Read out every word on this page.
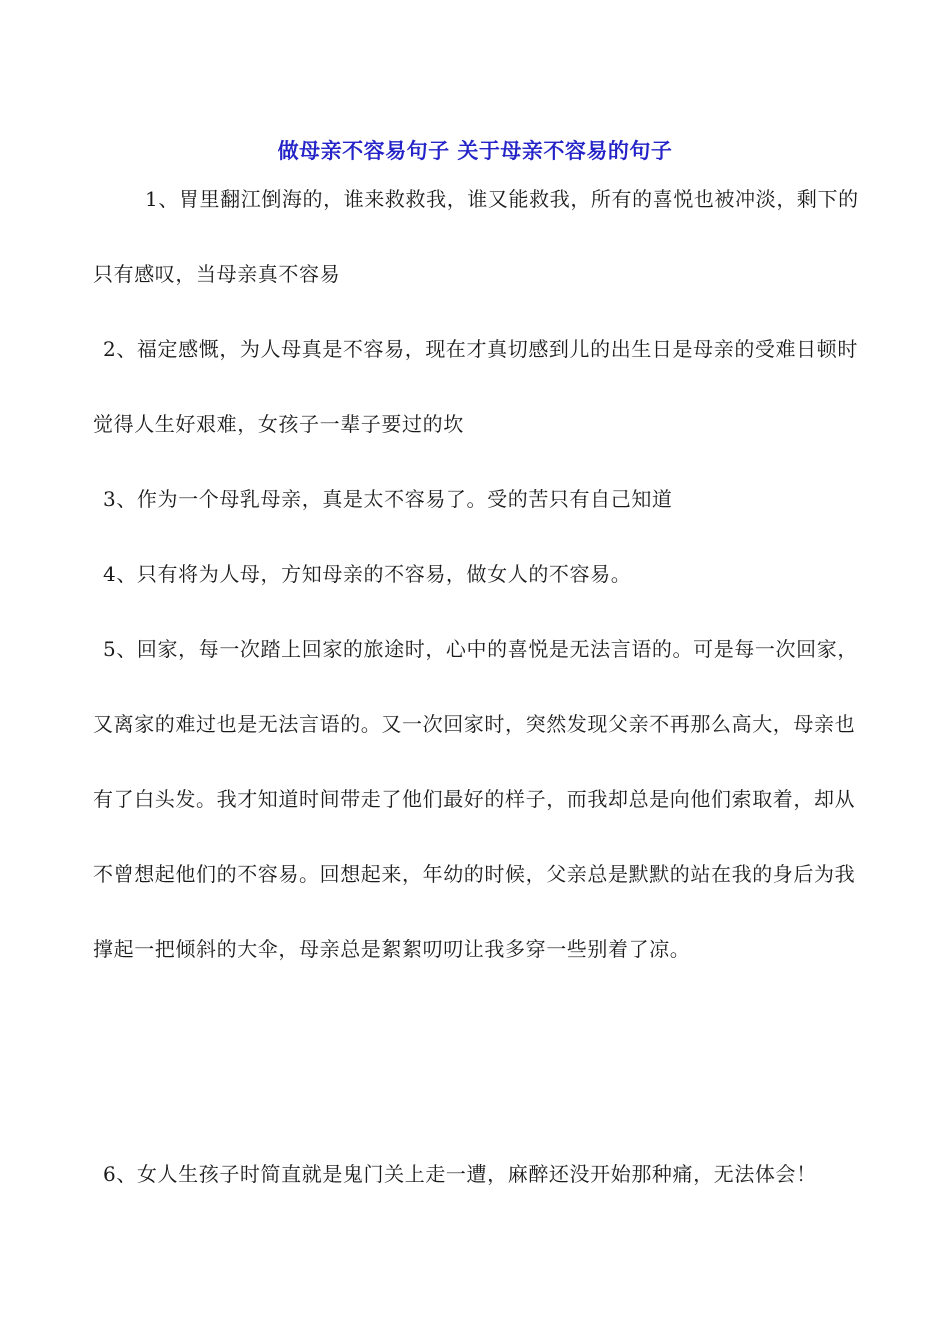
做母亲不容易句子 关于母亲不容易的句子
1、胃里翻江倒海的，谁来救救我，谁又能救我，所有的喜悦也被冲淡，剩下的只有感叹，当母亲真不容易
2、福定感慨，为人母真是不容易，现在才真切感到儿的出生日是母亲的受难日顿时觉得人生好艰难，女孩子一辈子要过的坎
3、作为一个母乳母亲，真是太不容易了。受的苦只有自己知道
4、只有将为人母，方知母亲的不容易，做女人的不容易。
5、回家，每一次踏上回家的旅途时，心中的喜悦是无法言语的。可是每一次回家，又离家的难过也是无法言语的。又一次回家时，突然发现父亲不再那么高大，母亲也有了白头发。我才知道时间带走了他们最好的样子，而我却总是向他们索取着，却从不曾想起他们的不容易。回想起来，年幼的时候，父亲总是默默的站在我的身后为我撑起一把倾斜的大伞，母亲总是絮絮叨叨让我多穿一些别着了凉。
6、女人生孩子时简直就是鬼门关上走一遭，麻醉还没开始那种痛，无法体会！
